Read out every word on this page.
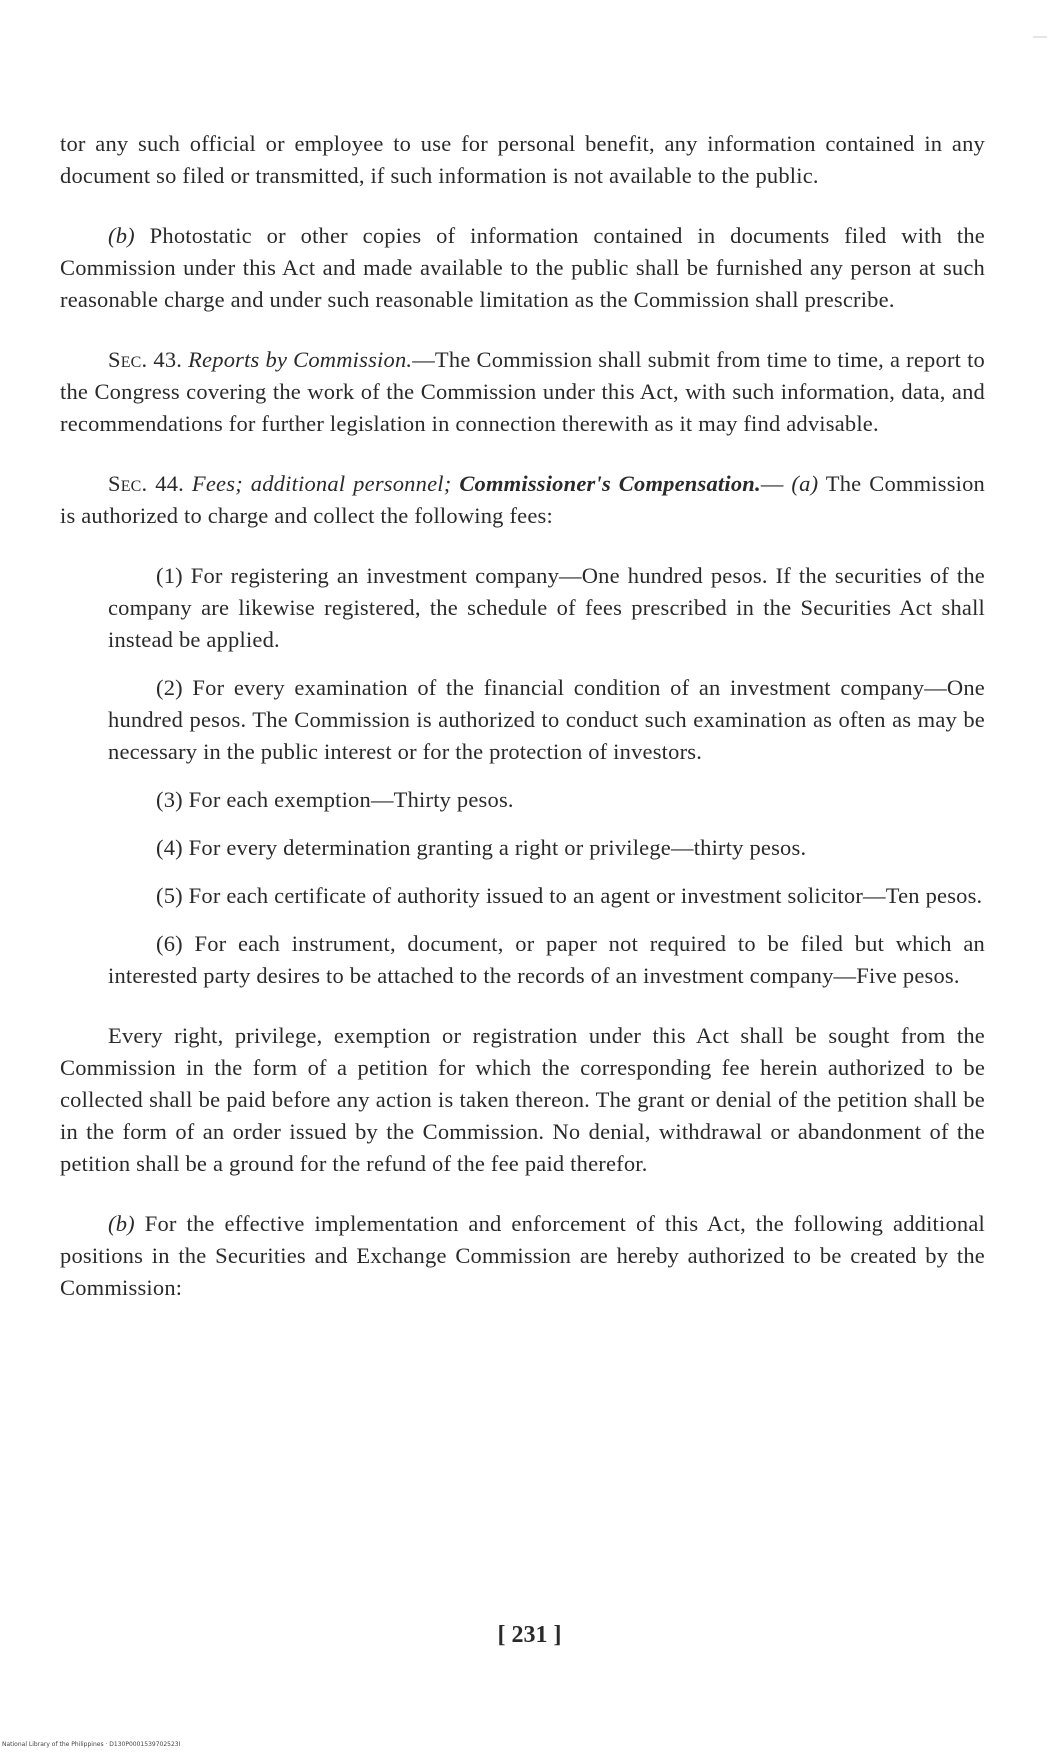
tor any such official or employee to use for personal benefit, any information contained in any document so filed or transmitted, if such information is not available to the public.

(b) Photostatic or other copies of information contained in documents filed with the Commission under this Act and made available to the public shall be furnished any person at such reasonable charge and under such reasonable limitation as the Commission shall prescribe.

Sec. 43. Reports by Commission.—The Commission shall submit from time to time, a report to the Congress covering the work of the Commission under this Act, with such information, data, and recommendations for further legislation in connection therewith as it may find advisable.

Sec. 44. Fees; additional personnel; Commissioner's Compensation.— (a) The Commission is authorized to charge and collect the following fees:

(1) For registering an investment company—One hundred pesos. If the securities of the company are likewise registered, the schedule of fees prescribed in the Securities Act shall instead be applied.

(2) For every examination of the financial condition of an investment company—One hundred pesos. The Commission is authorized to conduct such examination as often as may be necessary in the public interest or for the protection of investors.

(3) For each exemption—Thirty pesos.

(4) For every determination granting a right or privilege—thirty pesos.

(5) For each certificate of authority issued to an agent or investment solicitor—Ten pesos.

(6) For each instrument, document, or paper not required to be filed but which an interested party desires to be attached to the records of an investment company—Five pesos.

Every right, privilege, exemption or registration under this Act shall be sought from the Commission in the form of a petition for which the corresponding fee herein authorized to be collected shall be paid before any action is taken thereon. The grant or denial of the petition shall be in the form of an order issued by the Commission. No denial, withdrawal or abandonment of the petition shall be a ground for the refund of the fee paid therefor.

(b) For the effective implementation and enforcement of this Act, the following additional positions in the Securities and Exchange Commission are hereby authorized to be created by the Commission:

[ 231 ]
National Library of the Philippines · D130P0001539702523I
